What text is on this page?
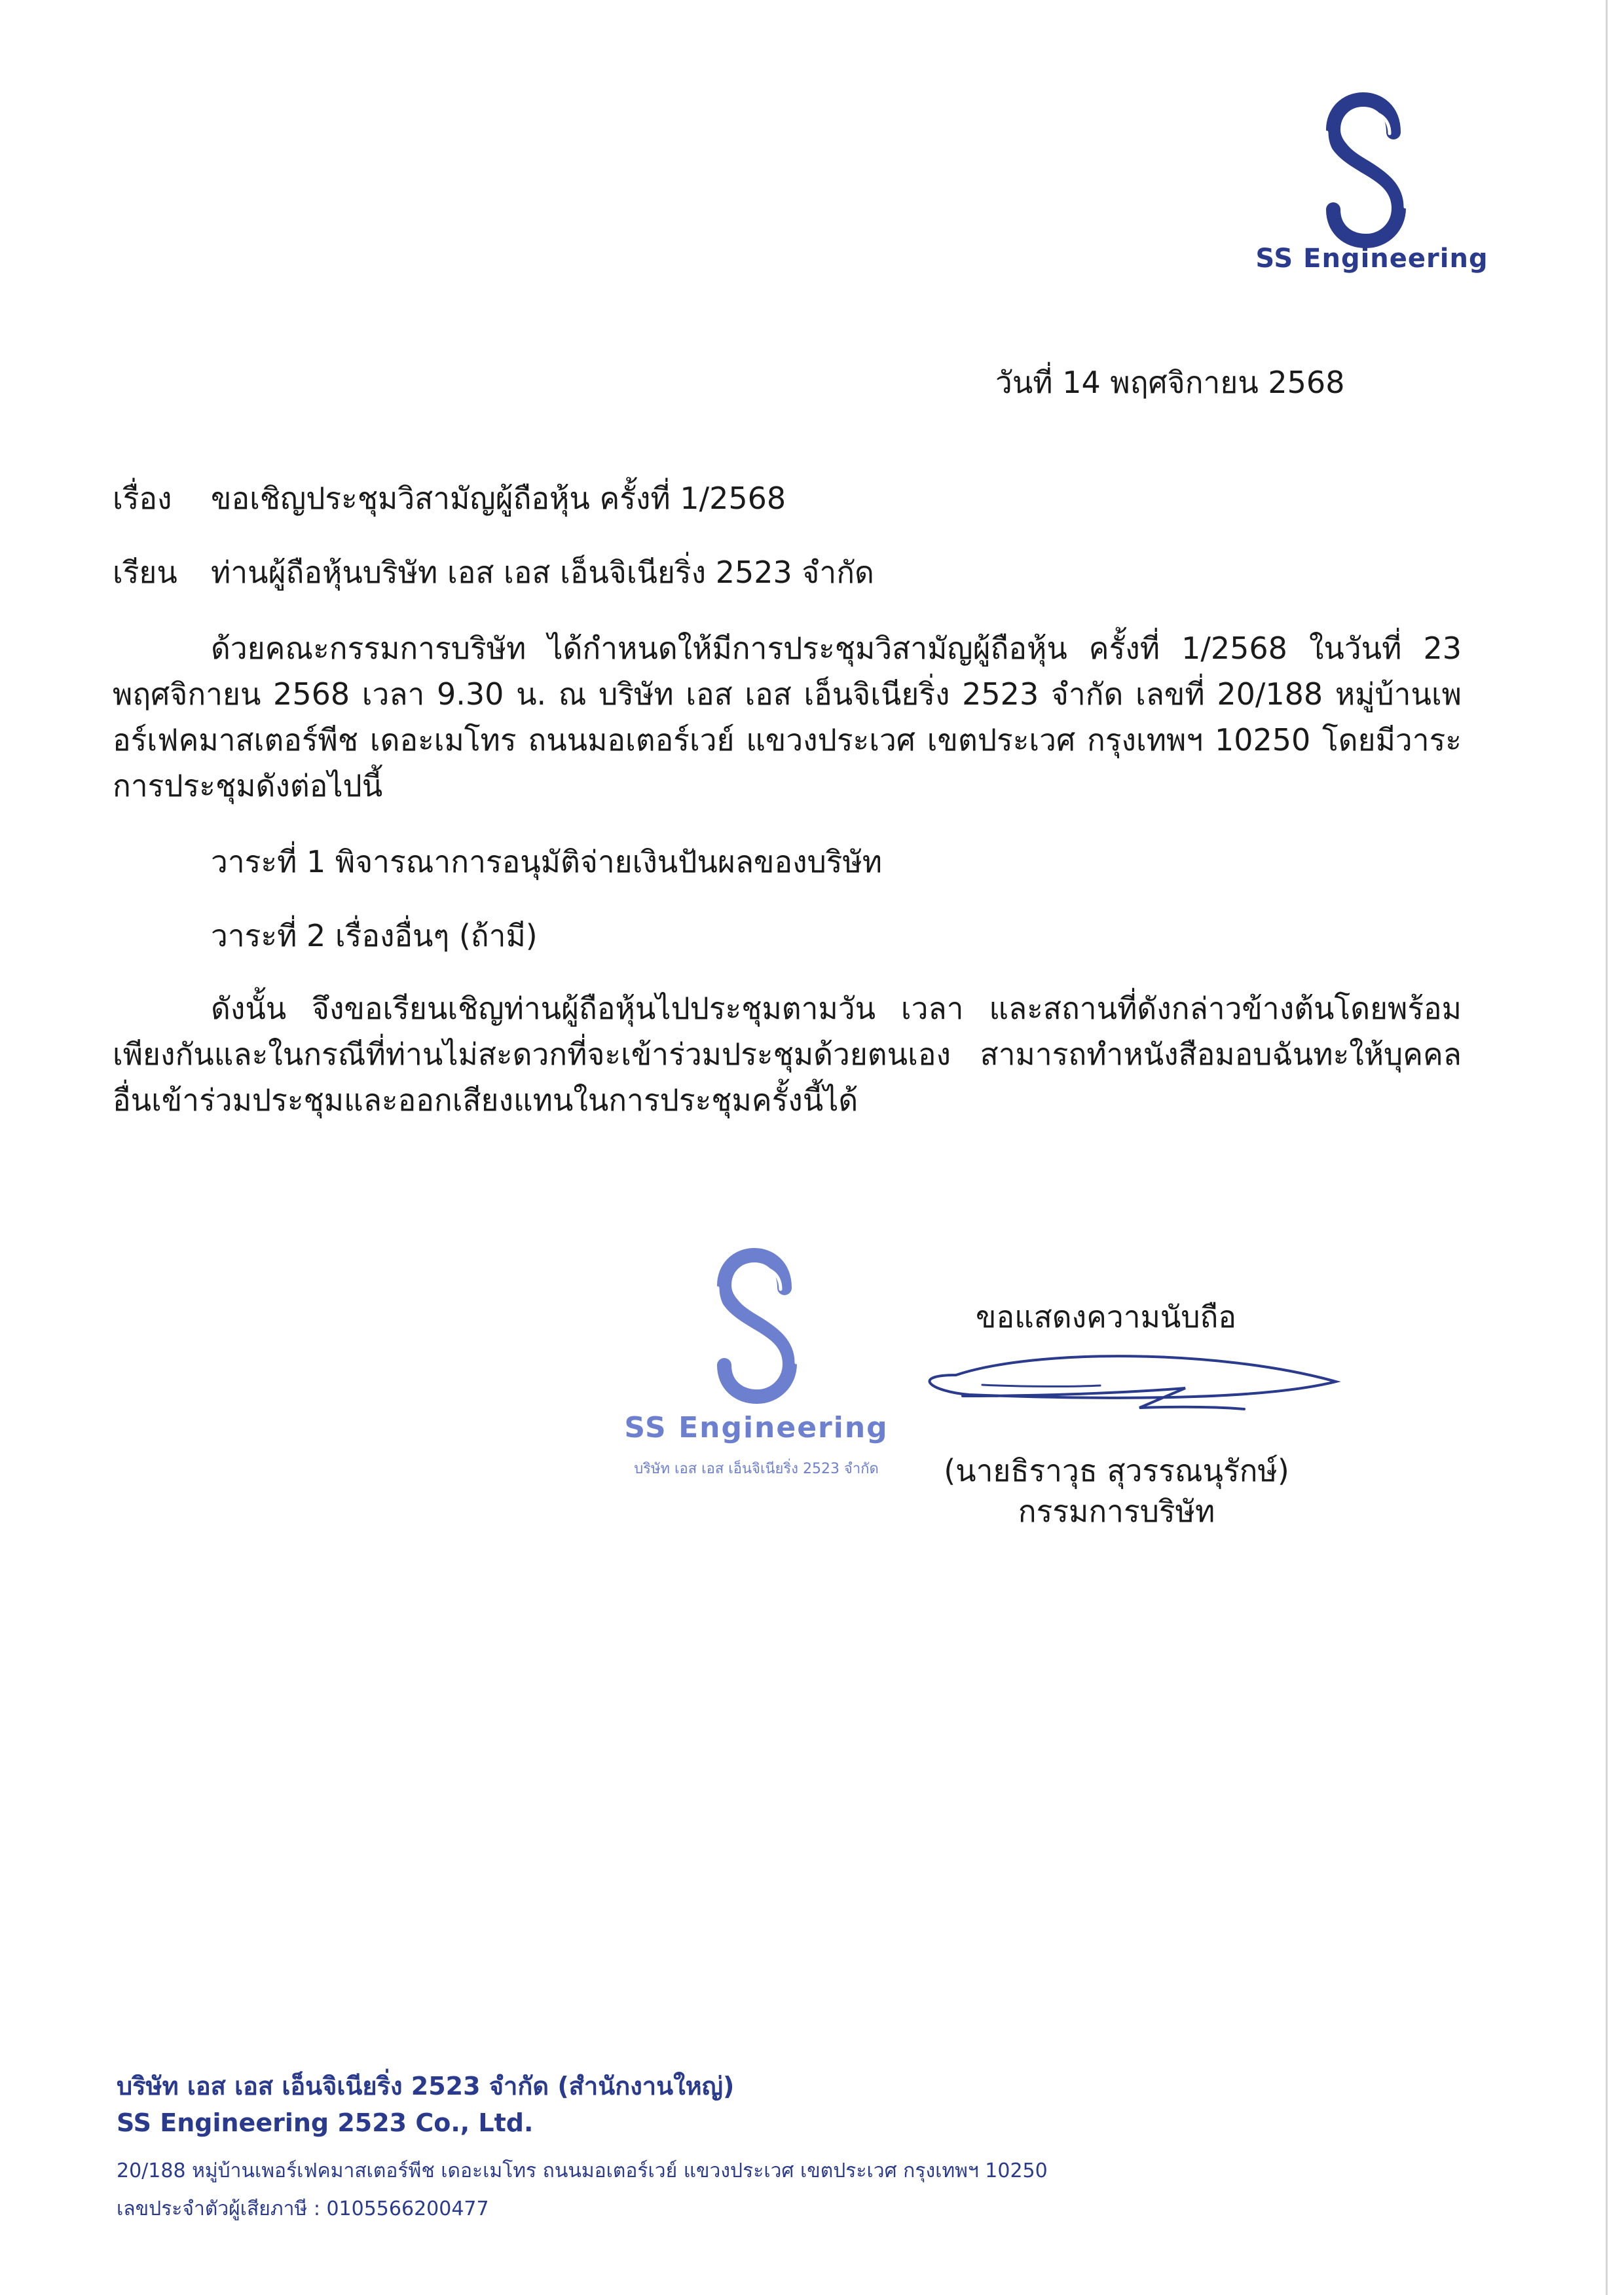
SS Engineering
วันที่ 14 พฤศจิกายน 2568
เรื่อง ขอเชิญประชุมวิสามัญผู้ถือหุ้น ครั้งที่ 1/2568
เรียน ท่านผู้ถือหุ้นบริษัท เอส เอส เอ็นจิเนียริ่ง 2523 จำกัด
ด้วยคณะกรรมการบริษัท ได้กำหนดให้มีการประชุมวิสามัญผู้ถือหุ้น ครั้งที่ 1/2568 ในวันที่ 23 พฤศจิกายน 2568 เวลา 9.30 น. ณ บริษัท เอส เอส เอ็นจิเนียริ่ง 2523 จำกัด เลขที่ 20/188 หมู่บ้านเพอร์เฟคมาสเตอร์พีช เดอะเมโทร ถนนมอเตอร์เวย์ แขวงประเวศ เขตประเวศ กรุงเทพฯ 10250 โดยมีวาระการประชุมดังต่อไปนี้
วาระที่ 1 พิจารณาการอนุมัติจ่ายเงินปันผลของบริษัท
วาระที่ 2 เรื่องอื่นๆ (ถ้ามี)
ดังนั้น จึงขอเรียนเชิญท่านผู้ถือหุ้นไปประชุมตามวัน เวลา และสถานที่ดังกล่าวข้างต้นโดยพร้อมเพียงกันและในกรณีที่ท่านไม่สะดวกที่จะเข้าร่วมประชุมด้วยตนเอง สามารถทำหนังสือมอบฉันทะให้บุคคลอื่นเข้าร่วมประชุมและออกเสียงแทนในการประชุมครั้งนี้ได้
SS Engineering
บริษัท เอส เอส เอ็นจิเนียริ่ง 2523 จำกัด
ขอแสดงความนับถือ
(นายธิราวุธ สุวรรณนุรักษ์)
กรรมการบริษัท
บริษัท เอส เอส เอ็นจิเนียริ่ง 2523 จำกัด (สำนักงานใหญ่)
SS Engineering 2523 Co., Ltd.
20/188 หมู่บ้านเพอร์เฟคมาสเตอร์พีช เดอะเมโทร ถนนมอเตอร์เวย์ แขวงประเวศ เขตประเวศ กรุงเทพฯ 10250
เลขประจำตัวผู้เสียภาษี : 0105566200477
